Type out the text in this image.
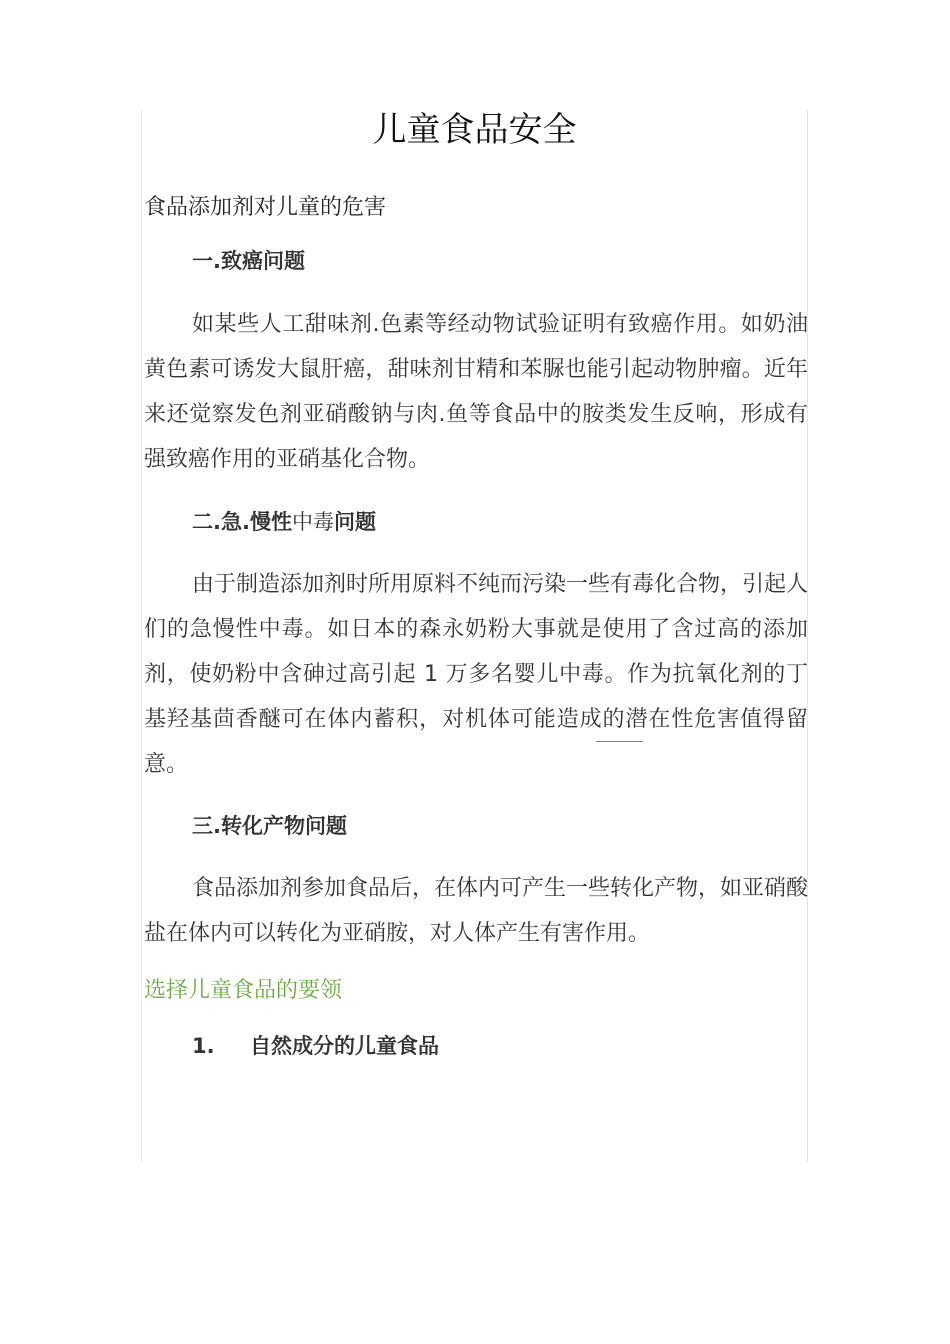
儿童食品安全
食品添加剂对儿童的危害
一.致癌问题

如某些人工甜味剂.色素等经动物试验证明有致癌作用。如奶油黄色素可诱发大鼠肝癌，甜味剂甘精和苯脲也能引起动物肿瘤。近年来还觉察发色剂亚硝酸钠与肉.鱼等食品中的胺类发生反响，形成有强致癌作用的亚硝基化合物。

二.急.慢性中毒问题

由于制造添加剂时所用原料不纯而污染一些有毒化合物，引起人们的急慢性中毒。如日本的森永奶粉大事就是使用了含过高的添加剂，使奶粉中含砷过高引起 1 万多名婴儿中毒。作为抗氧化剂的丁基羟基茴香醚可在体内蓄积，对机体可能造成的潜在性危害值得留意。

三.转化产物问题

食品添加剂参加食品后，在体内可产生一些转化产物，如亚硝酸盐在体内可以转化为亚硝胺，对人体产生有害作用。

选择儿童食品的要领
1. 自然成分的儿童食品
